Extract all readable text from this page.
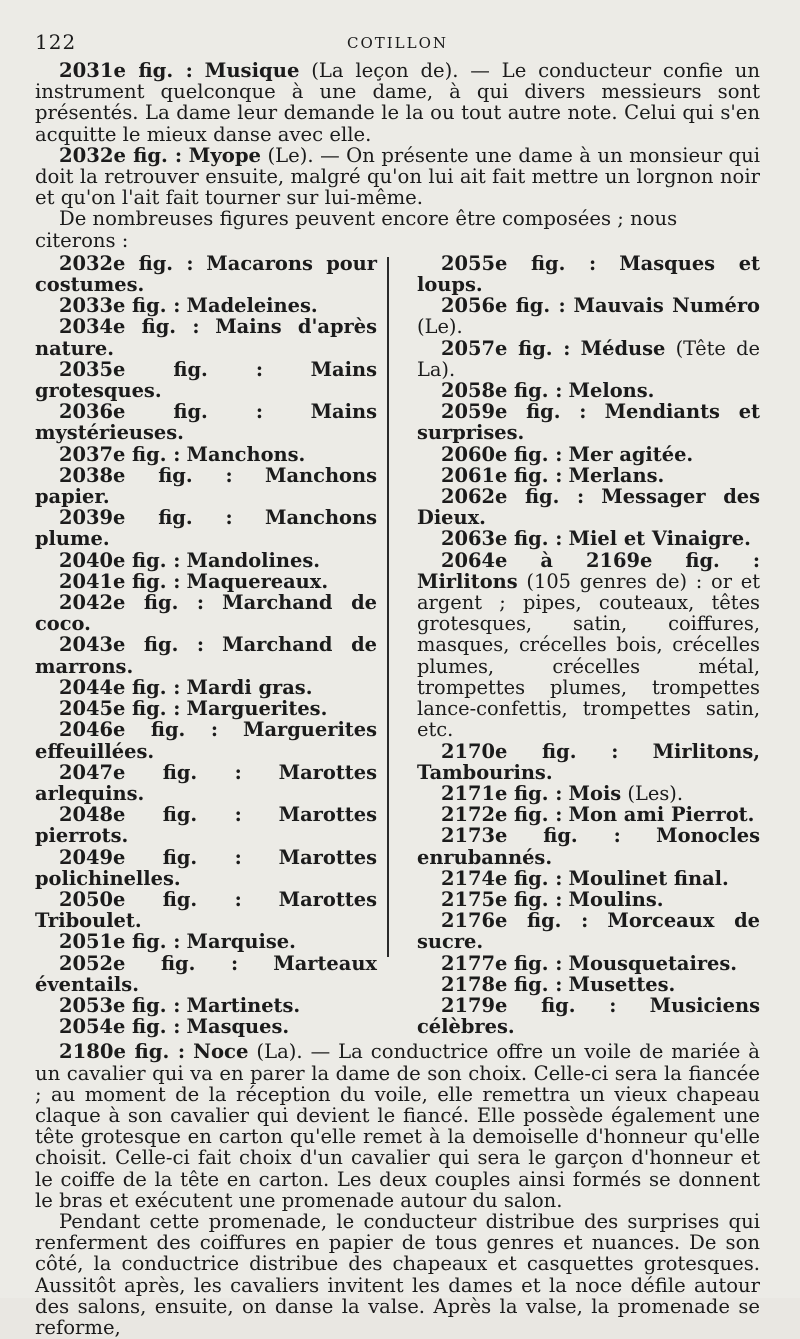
122	COTILLON

2031e fig. : Musique (La leçon de). — Le conducteur confie un instrument quelconque à une dame, à qui divers messieurs sont présentés. La dame leur demande le la ou tout autre note. Celui qui s'en acquitte le mieux danse avec elle.

2032e fig. : Myope (Le). — On présente une dame à un monsieur qui doit la retrouver ensuite, malgré qu'on lui ait fait mettre un lorgnon noir et qu'on l'ait fait tourner sur lui-même.

De nombreuses figures peuvent encore être composées ; nous citerons :

2032e fig. : Macarons pour costumes.
2033e fig. : Madeleines.
2034e fig. : Mains d'après nature.
2035e fig. : Mains grotesques.
2036e fig. : Mains mystérieuses.
2037e fig. : Manchons.
2038e fig. : Manchons papier.
2039e fig. : Manchons plume.
2040e fig. : Mandolines.
2041e fig. : Maquereaux.
2042e fig. : Marchand de coco.
2043e fig. : Marchand de marrons.
2044e fig. : Mardi gras.
2045e fig. : Marguerites.
2046e fig. : Marguerites effeuillées.
2047e fig. : Marottes arlequins.
2048e fig. : Marottes pierrots.
2049e fig. : Marottes polichinelles.
2050e fig. : Marottes Triboulet.
2051e fig. : Marquise.
2052e fig. : Marteaux éventails.
2053e fig. : Martinets.
2054e fig. : Masques.
2055e fig. : Masques et loups.
2056e fig. : Mauvais Numéro (Le).
2057e fig. : Méduse (Tête de La).
2058e fig. : Melons.
2059e fig. : Mendiants et surprises.
2060e fig. : Mer agitée.
2061e fig. : Merlans.
2062e fig. : Messager des Dieux.
2063e fig. : Miel et Vinaigre.
2064e à 2169e fig. : Mirlitons (105 genres de) : or et argent ; pipes, couteaux, têtes grotesques, satin, coiffures, masques, crécelles bois, crécelles plumes, crécelles métal, trompettes plumes, trompettes lance-confettis, trompettes satin, etc.
2170e fig. : Mirlitons, Tambourins.
2171e fig. : Mois (Les).
2172e fig. : Mon ami Pierrot.
2173e fig. : Monocles enrubannés.
2174e fig. : Moulinet final.
2175e fig. : Moulins.
2176e fig. : Morceaux de sucre.
2177e fig. : Mousquetaires.
2178e fig. : Musettes.
2179e fig. : Musiciens célèbres.

2180e fig. : Noce (La). — La conductrice offre un voile de mariée à un cavalier qui va en parer la dame de son choix. Celle-ci sera la fiancée ; au moment de la réception du voile, elle remettra un vieux chapeau claque à son cavalier qui devient le fiancé. Elle possède également une tête grotesque en carton qu'elle remet à la demoiselle d'honneur qu'elle choisit. Celle-ci fait choix d'un cavalier qui sera le garçon d'honneur et le coiffe de la tête en carton. Les deux couples ainsi formés se donnent le bras et exécutent une promenade autour du salon.

Pendant cette promenade, le conducteur distribue des surprises qui renferment des coiffures en papier de tous genres et nuances. De son côté, la conductrice distribue des chapeaux et casquettes grotesques. Aussitôt après, les cavaliers invitent les dames et la noce défile autour des salons, ensuite, on danse la valse. Après la valse, la promenade se reforme,
